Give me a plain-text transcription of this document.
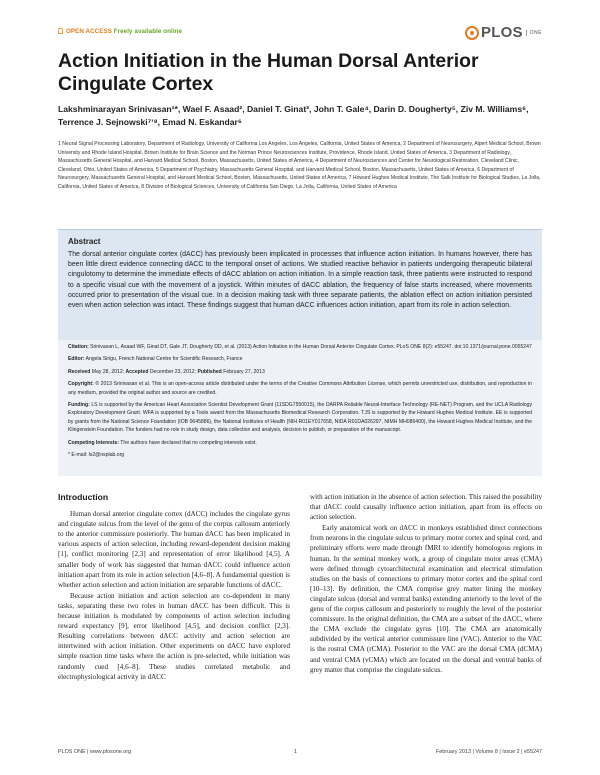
OPEN ACCESS Freely available online	PLOS	ONE
Action Initiation in the Human Dorsal Anterior Cingulate Cortex
Lakshminarayan Srinivasan¹*, Wael F. Asaad², Daniel T. Ginat³, John T. Gale⁴, Darin D. Dougherty⁵, Ziv M. Williams⁶, Terrence J. Sejnowski⁷ʼ⁸, Emad N. Eskandar⁶
1 Neural Signal Processing Laboratory, Department of Radiology, University of California Los Angeles, Los Angeles, California, United States of America, 2 Department of Neurosurgery, Alpert Medical School, Brown University and Rhode Island Hospital, Brown Institute for Brain Science and the Norman Prince Neurosciences Institute, Providence, Rhode Island, United States of America, 3 Department of Radiology, Massachusetts General Hospital, and Harvard Medical School, Boston, Massachusetts, United States of America, 4 Department of Neurosciences and Center for Neurological Restoration, Cleveland Clinic, Cleveland, Ohio, United States of America, 5 Department of Psychiatry, Massachusetts General Hospital, and Harvard Medical School, Boston, Massachusetts, United States of America, 6 Department of Neurosurgery, Massachusetts General Hospital, and Harvard Medical School, Boston, Massachusetts, United States of America, 7 Howard Hughes Medical Institute, The Salk Institute for Biological Studies, La Jolla, California, United States of America, 8 Division of Biological Sciences, University of California San Diego, La Jolla, California, United States of America
Abstract
The dorsal anterior cingulate cortex (dACC) has previously been implicated in processes that influence action initiation. In humans however, there has been little direct evidence connecting dACC to the temporal onset of actions. We studied reactive behavior in patients undergoing therapeutic bilateral cingulotomy to determine the immediate effects of dACC ablation on action initiation. In a simple reaction task, three patients were instructed to respond to a specific visual cue with the movement of a joystick. Within minutes of dACC ablation, the frequency of false starts increased, where movements occurred prior to presentation of the visual cue. In a decision making task with three separate patients, the ablation effect on action initiation persisted even when action selection was intact. These findings suggest that human dACC influences action initiation, apart from its role in action selection.
Citation: Srinivasan L, Asaad WF, Ginat DT, Gale JT, Dougherty DD, et al. (2013) Action Initiation in the Human Dorsal Anterior Cingulate Cortex. PLoS ONE 8(2): e55247. doi:10.1371/journal.pone.0055247
Editor: Angela Sirigu, French National Centre for Scientific Research, France
Received May 28, 2012; Accepted December 23, 2012; Published February 27, 2013
Copyright: © 2013 Srinivasan et al. This is an open-access article distributed under the terms of the Creative Commons Attribution License, which permits unrestricted use, distribution, and reproduction in any medium, provided the original author and source are credited.
Funding: LS is supported by the American Heart Association Scientist Development Grant (11SDG7550015), the DARPA Reliable Neural-Interface Technology (RE-NET) Program, and the UCLA Radiology Exploratory Development Grant. WFA is supported by a Toole award from the Massachusetts Biomedical Research Corporation. TJS is supported by the Howard Hughes Medical Institute. EE is supported by grants from the National Science Foundation (IOB 0645886), the National Institutes of Health (NIH R01EY017658, NIDA R01DA026297, NIMH MH086400), the Howard Hughes Medical Institute, and the Klingenstein Foundation. The funders had no role in study design, data collection and analysis, decision to publish, or preparation of the manuscript.
Competing Interests: The authors have declared that no competing interests exist.
* E-mail: ls2@nsplab.org
Introduction

Human dorsal anterior cingulate cortex (dACC) includes the cingulate gyrus and cingulate sulcus from the level of the genu of the corpus callosum anteriorly to the anterior commissure posteriorly. The human dACC has been implicated in various aspects of action selection, including reward-dependent decision making [1], conflict monitoring [2,3] and representation of error likelihood [4,5]. A smaller body of work has suggested that human dACC could influence action initiation apart from its role in action selection [4,6–8]. A fundamental question is whether action selection and action initiation are separable functions of dACC.

Because action initiation and action selection are co-dependent in many tasks, separating these two roles in human dACC has been difficult. This is because initiation is modulated by components of action selection including reward expectancy [9], error likelihood [4,5], and decision conflict [2,3]. Resulting correlations between dACC activity and action selection are intertwined with action initiation. Other experiments on dACC have explored simple reaction time tasks where the action is pre-selected, while initiation was randomly cued [4,6–8]. These studies correlated metabolic and electrophysiological activity in dACC

with action initiation in the absence of action selection. This raised the possibility that dACC could causally influence action initiation, apart from its effects on action selection.

Early anatomical work on dACC in monkeys established direct connections from neurons in the cingulate sulcus to primary motor cortex and spinal cord, and preliminary efforts were made through fMRI to identify homologous regions in human. In the seminal monkey work, a group of cingulate motor areas (CMA) were defined through cytoarchitectural examination and electrical stimulation studies on the basis of connections to primary motor cortex and the spinal cord [10–13]. By definition, the CMA comprise grey matter lining the monkey cingulate sulcus (dorsal and ventral banks) extending anteriorly to the level of the genu of the corpus callosum and posteriorly to roughly the level of the posterior commissure. In the original definition, the CMA are a subset of the dACC, where the CMA exclude the cingulate gyrus [10]. The CMA are anatomically subdivided by the vertical anterior commissure line (VAC). Anterior to the VAC is the rostral CMA (rCMA). Posterior to the VAC are the dorsal CMA (dCMA) and ventral CMA (vCMA) which are located on the dorsal and ventral banks of grey matter that comprise the cingulate sulcus.

PLOS ONE | www.plosone.org	1	February 2013 | Volume 8 | Issue 2 | e55247
